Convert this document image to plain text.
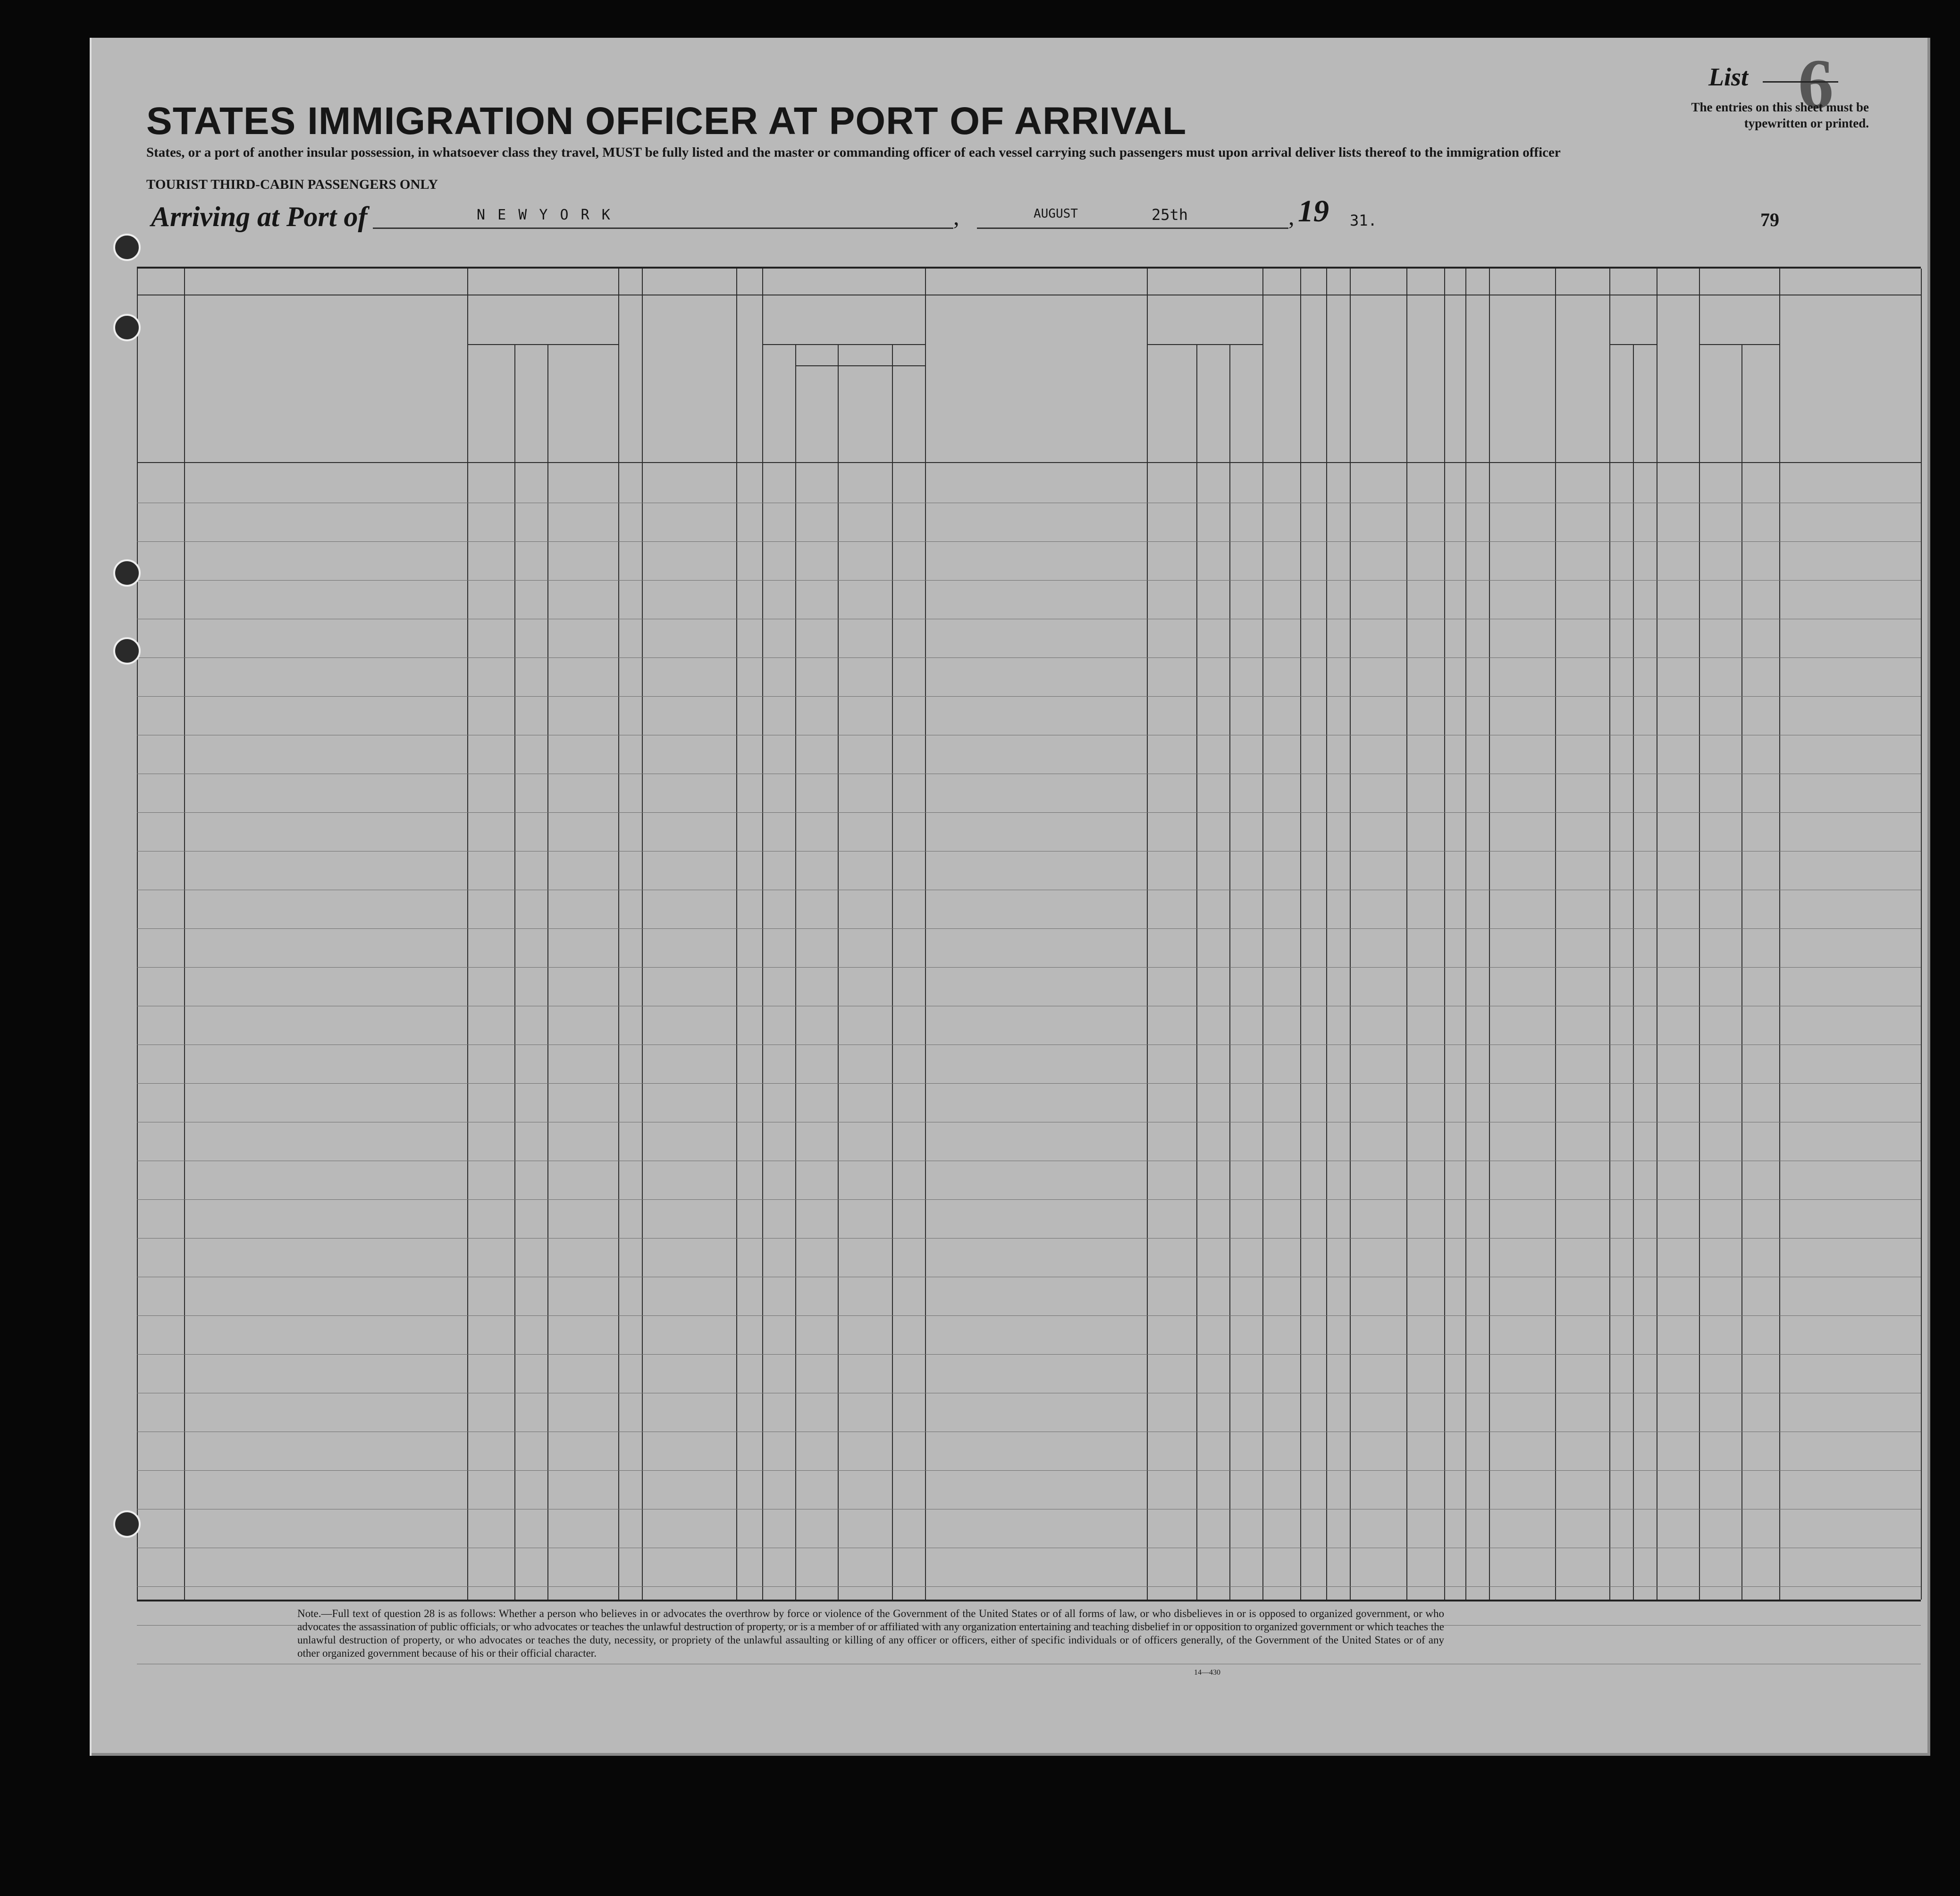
STATES IMMIGRATION OFFICER AT PORT OF ARRIVAL
States, or a port of another insular possession, in whatsoever class they travel, MUST be fully listed and the master or commanding officer of each vessel carrying such passengers must upon arrival deliver lists thereof to the immigration officer
TOURIST THIRD-CABIN PASSENGERS ONLY
6
List
The entries on this sheet must be typewritten or printed.
Arriving at Port of	N E W Y O R K	,	AUGUST	25th	, 19 31.	79
Note.—Full text of question 28 is as follows: Whether a person who believes in or advocates the overthrow by force or violence of the Government of the United States or of all forms of law, or who disbelieves in or is opposed to organized government, or who advocates the assassination of public officials, or who advocates or teaches the unlawful destruction of property, or is a member of or affiliated with any organization entertaining and teaching disbelief in or opposition to organized government or which teaches the unlawful destruction of property, or who advocates or teaches the duty, necessity, or propriety of the unlawful assaulting or killing of any officer or officers, either of specific individuals or of officers generally, of the Government of the United States or of any other organized government because of his or their official character.
14—430
